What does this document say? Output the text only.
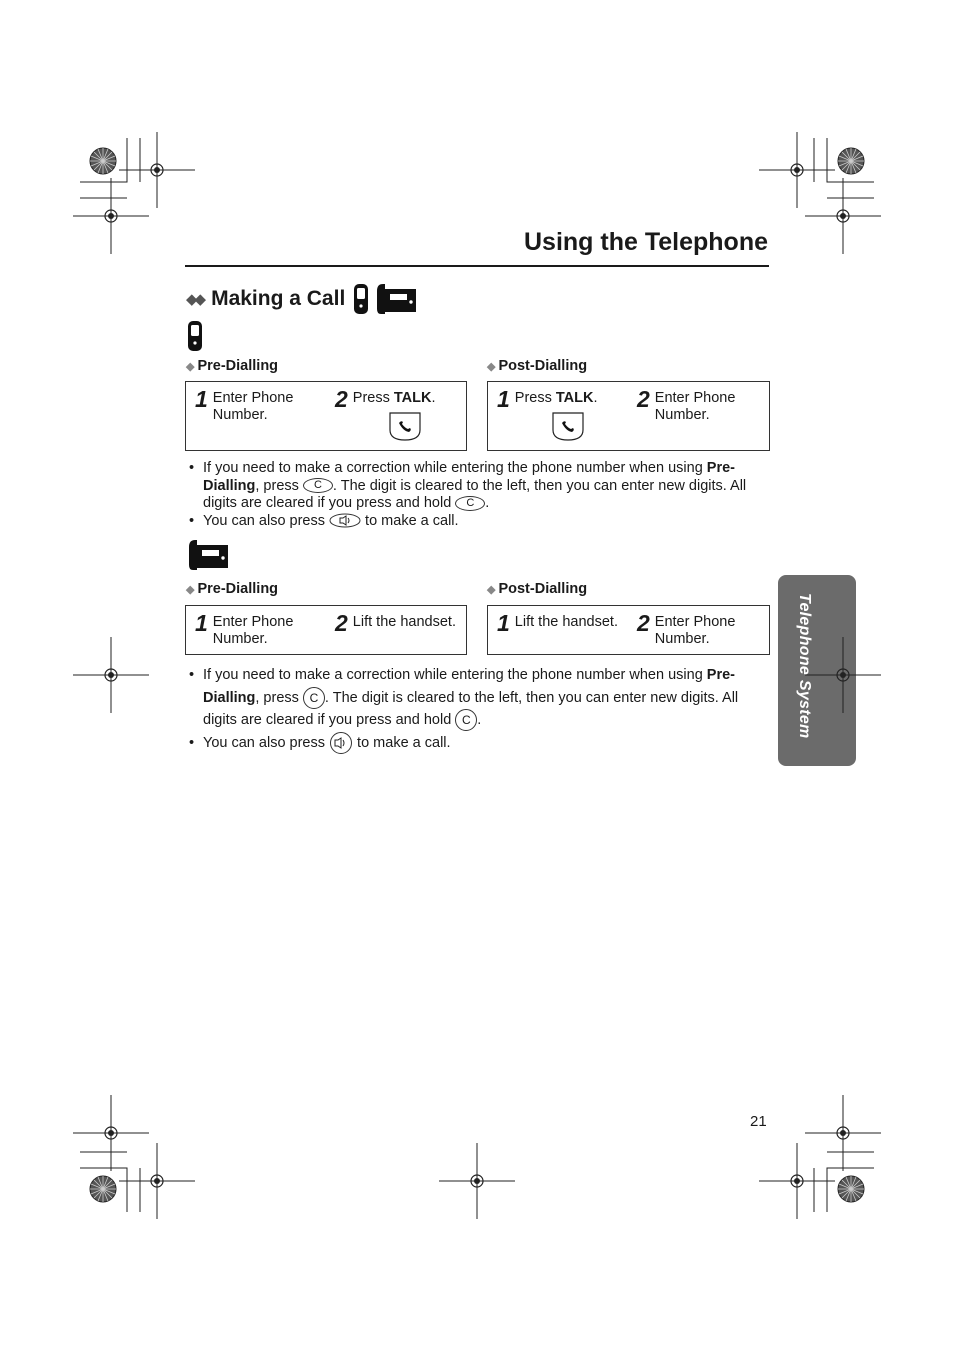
Using the Telephone
◆◆ Making a Call
◆ Pre-Dialling	◆ Post-Dialling
1 Enter Phone Number.
2 Press TALK.	1 Press TALK. 2 Enter Phone Number.
• If you need to make a correction while entering the phone number when using Pre-Dialling, press C . The digit is cleared to the left, then you can enter new digits. All digits are cleared if you press and hold C .
• You can also press  to make a call.
◆ Pre-Dialling	◆ Post-Dialling
1 Enter Phone Number.
2 Lift the handset. 1 Lift the handset. 2 Enter Phone Number.
• If you need to make a correction while entering the phone number when using Pre-Dialling, press C . The digit is cleared to the left, then you can enter new digits. All digits are cleared if you press and hold C .
• You can also press  to make a call.
Telephone System
21
